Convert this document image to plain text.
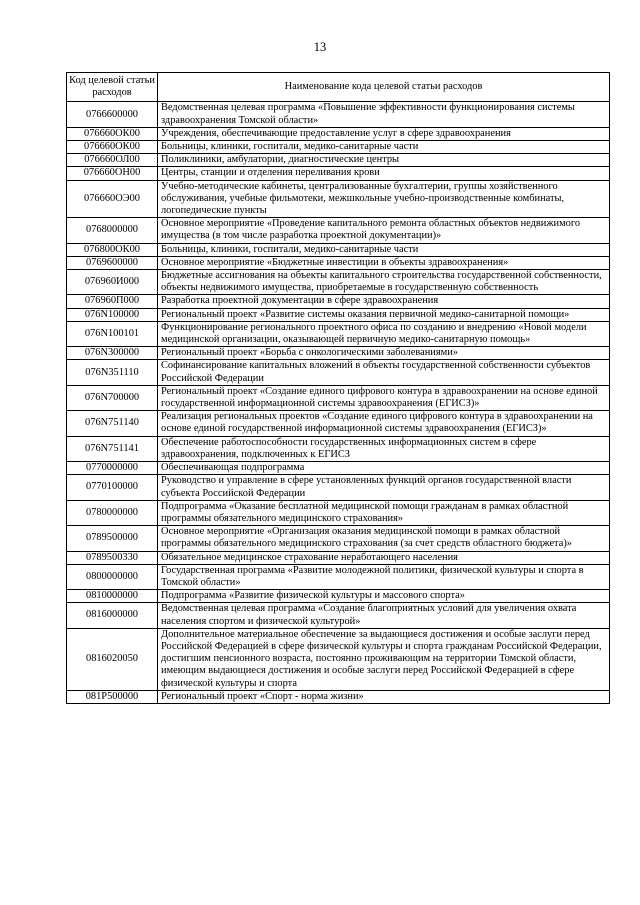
13
Код целевой статьи расходов	Наименование кода целевой статьи расходов
0766600000	Ведомственная целевая программа «Повышение эффективности функционирования системы здравоохранения Томской области»
076660ОК00	Учреждения, обеспечивающие предоставление услуг в сфере здравоохранения
076660ОК00	Больницы, клиники, госпитали, медико-санитарные части
076660ОЛ00	Поликлиники, амбулатории, диагностические центры
076660ОН00	Центры, станции и отделения переливания крови
076660ОЭ00	Учебно-методические кабинеты, централизованные бухгалтерии, группы хозяйственного обслуживания, учебные фильмотеки, межшкольные учебно-производственные комбинаты, логопедические пункты
0768000000	Основное мероприятие «Проведение капитального ремонта областных объектов недвижимого имущества (в том числе разработка проектной документации)»
076800ОК00	Больницы, клиники, госпитали, медико-санитарные части
0769600000	Основное мероприятие «Бюджетные инвестиции в объекты здравоохранения»
076960И000	Бюджетные ассигнования на объекты капитального строительства государственной собственности, объекты недвижимого имущества, приобретаемые в государственную собственность
076960П000	Разработка проектной документации в сфере здравоохранения
076N100000	Региональный проект «Развитие системы оказания первичной медико-санитарной помощи»
076N100101	Функционирование регионального проектного офиса по созданию и внедрению «Новой модели медицинской организации, оказывающей первичную медико-санитарную помощь»
076N300000	Региональный проект «Борьба с онкологическими заболеваниями»
076N351110	Софинансирование капитальных вложений в объекты государственной собственности субъектов Российской Федерации
076N700000	Региональный проект «Создание единого цифрового контура в здравоохранении на основе единой государственной информационной системы здравоохранения (ЕГИСЗ)»
076N751140	Реализация региональных проектов «Создание единого цифрового контура в здравоохранении на основе единой государственной информационной системы здравоохранения (ЕГИСЗ)»
076N751141	Обеспечение работоспособности государственных информационных систем в сфере здравоохранения, подключенных к ЕГИСЗ
0770000000	Обеспечивающая подпрограмма
0770100000	Руководство и управление в сфере установленных функций органов государственной власти субъекта Российской Федерации
0780000000	Подпрограмма «Оказание бесплатной медицинской помощи гражданам в рамках областной программы обязательного медицинского страхования»
0789500000	Основное мероприятие «Организация оказания медицинской помощи в рамках областной программы обязательного медицинского страхования (за счет средств областного бюджета)»
0789500330	Обязательное медицинское страхование неработающего населения
0800000000	Государственная программа «Развитие молодежной политики, физической культуры и спорта в Томской области»
0810000000	Подпрограмма «Развитие физической культуры и массового спорта»
0816000000	Ведомственная целевая программа «Создание благоприятных условий для увеличения охвата населения спортом и физической культурой»
0816020050	Дополнительное материальное обеспечение за выдающиеся достижения и особые заслуги перед Российской Федерацией в сфере физической культуры и спорта гражданам Российской Федерации, достигшим пенсионного возраста, постоянно проживающим на территории Томской области, имеющим выдающиеся достижения и особые заслуги перед Российской Федерацией в сфере физической культуры и спорта
081Р500000	Региональный проект «Спорт - норма жизни»
